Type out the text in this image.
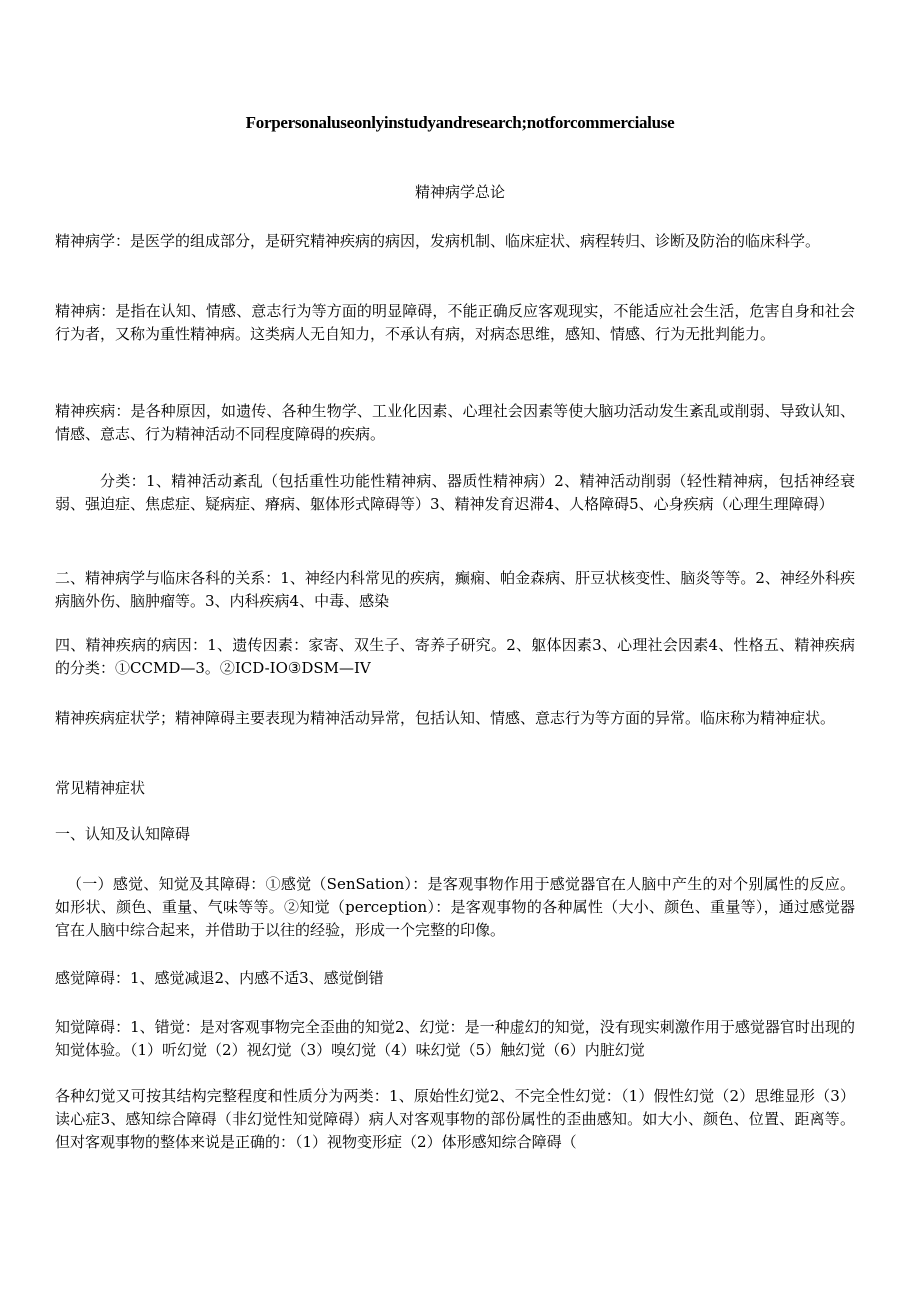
Forpersonaluseonlyinstudyandresearch;notforcommercialuse
精神病学总论

精神病学：是医学的组成部分，是研究精神疾病的病因，发病机制、临床症状、病程转归、诊断及防治的临床科学。

精神病：是指在认知、情感、意志行为等方面的明显障碍，不能正确反应客观现实，不能适应社会生活，危害自身和社会行为者，又称为重性精神病。这类病人无自知力，不承认有病，对病态思维，感知、情感、行为无批判能力。

精神疾病：是各种原因，如遗传、各种生物学、工业化因素、心理社会因素等使大脑功活动发生紊乱或削弱、导致认知、情感、意志、行为精神活动不同程度障碍的疾病。

分类：1、精神活动紊乱（包括重性功能性精神病、器质性精神病）2、精神活动削弱（轻性精神病，包括神经衰弱、强迫症、焦虑症、疑病症、瘠病、躯体形式障碍等）3、精神发育迟滞4、人格障碍5、心身疾病（心理生理障碍）

二、精神病学与临床各科的关系：1、神经内科常见的疾病，癫痫、帕金森病、肝豆状核变性、脑炎等等。2、神经外科疾病脑外伤、脑肿瘤等。3、内科疾病4、中毒、感染

四、精神疾病的病因：1、遗传因素：家寄、双生子、寄养子研究。2、躯体因素3、心理社会因素4、性格五、精神疾病的分类：①CCMD—3。②ICD-IO③DSM—IV

精神疾病症状学；精神障碍主要表现为精神活动异常，包括认知、情感、意志行为等方面的异常。临床称为精神症状。

常见精神症状

一、认知及认知障碍

（一）感觉、知觉及其障碍：①感觉（SenSation）：是客观事物作用于感觉器官在人脑中产生的对个别属性的反应。如形状、颜色、重量、气味等等。②知觉（perception）：是客观事物的各种属性（大小、颜色、重量等），通过感觉器官在人脑中综合起来，并借助于以往的经验，形成一个完整的印像。

感觉障碍：1、感觉减退2、内感不适3、感觉倒错

知觉障碍：1、错觉：是对客观事物完全歪曲的知觉2、幻觉：是一种虚幻的知觉，没有现实刺激作用于感觉器官时出现的知觉体验。（1）听幻觉（2）视幻觉（3）嗅幻觉（4）味幻觉（5）触幻觉（6）内脏幻觉

各种幻觉又可按其结构完整程度和性质分为两类：1、原始性幻觉2、不完全性幻觉：（1）假性幻觉（2）思维显形（3）读心症3、感知综合障碍（非幻觉性知觉障碍）病人对客观事物的部份属性的歪曲感知。如大小、颜色、位置、距离等。但对客观事物的整体来说是正确的：（1）视物变形症（2）体形感知综合障碍（
